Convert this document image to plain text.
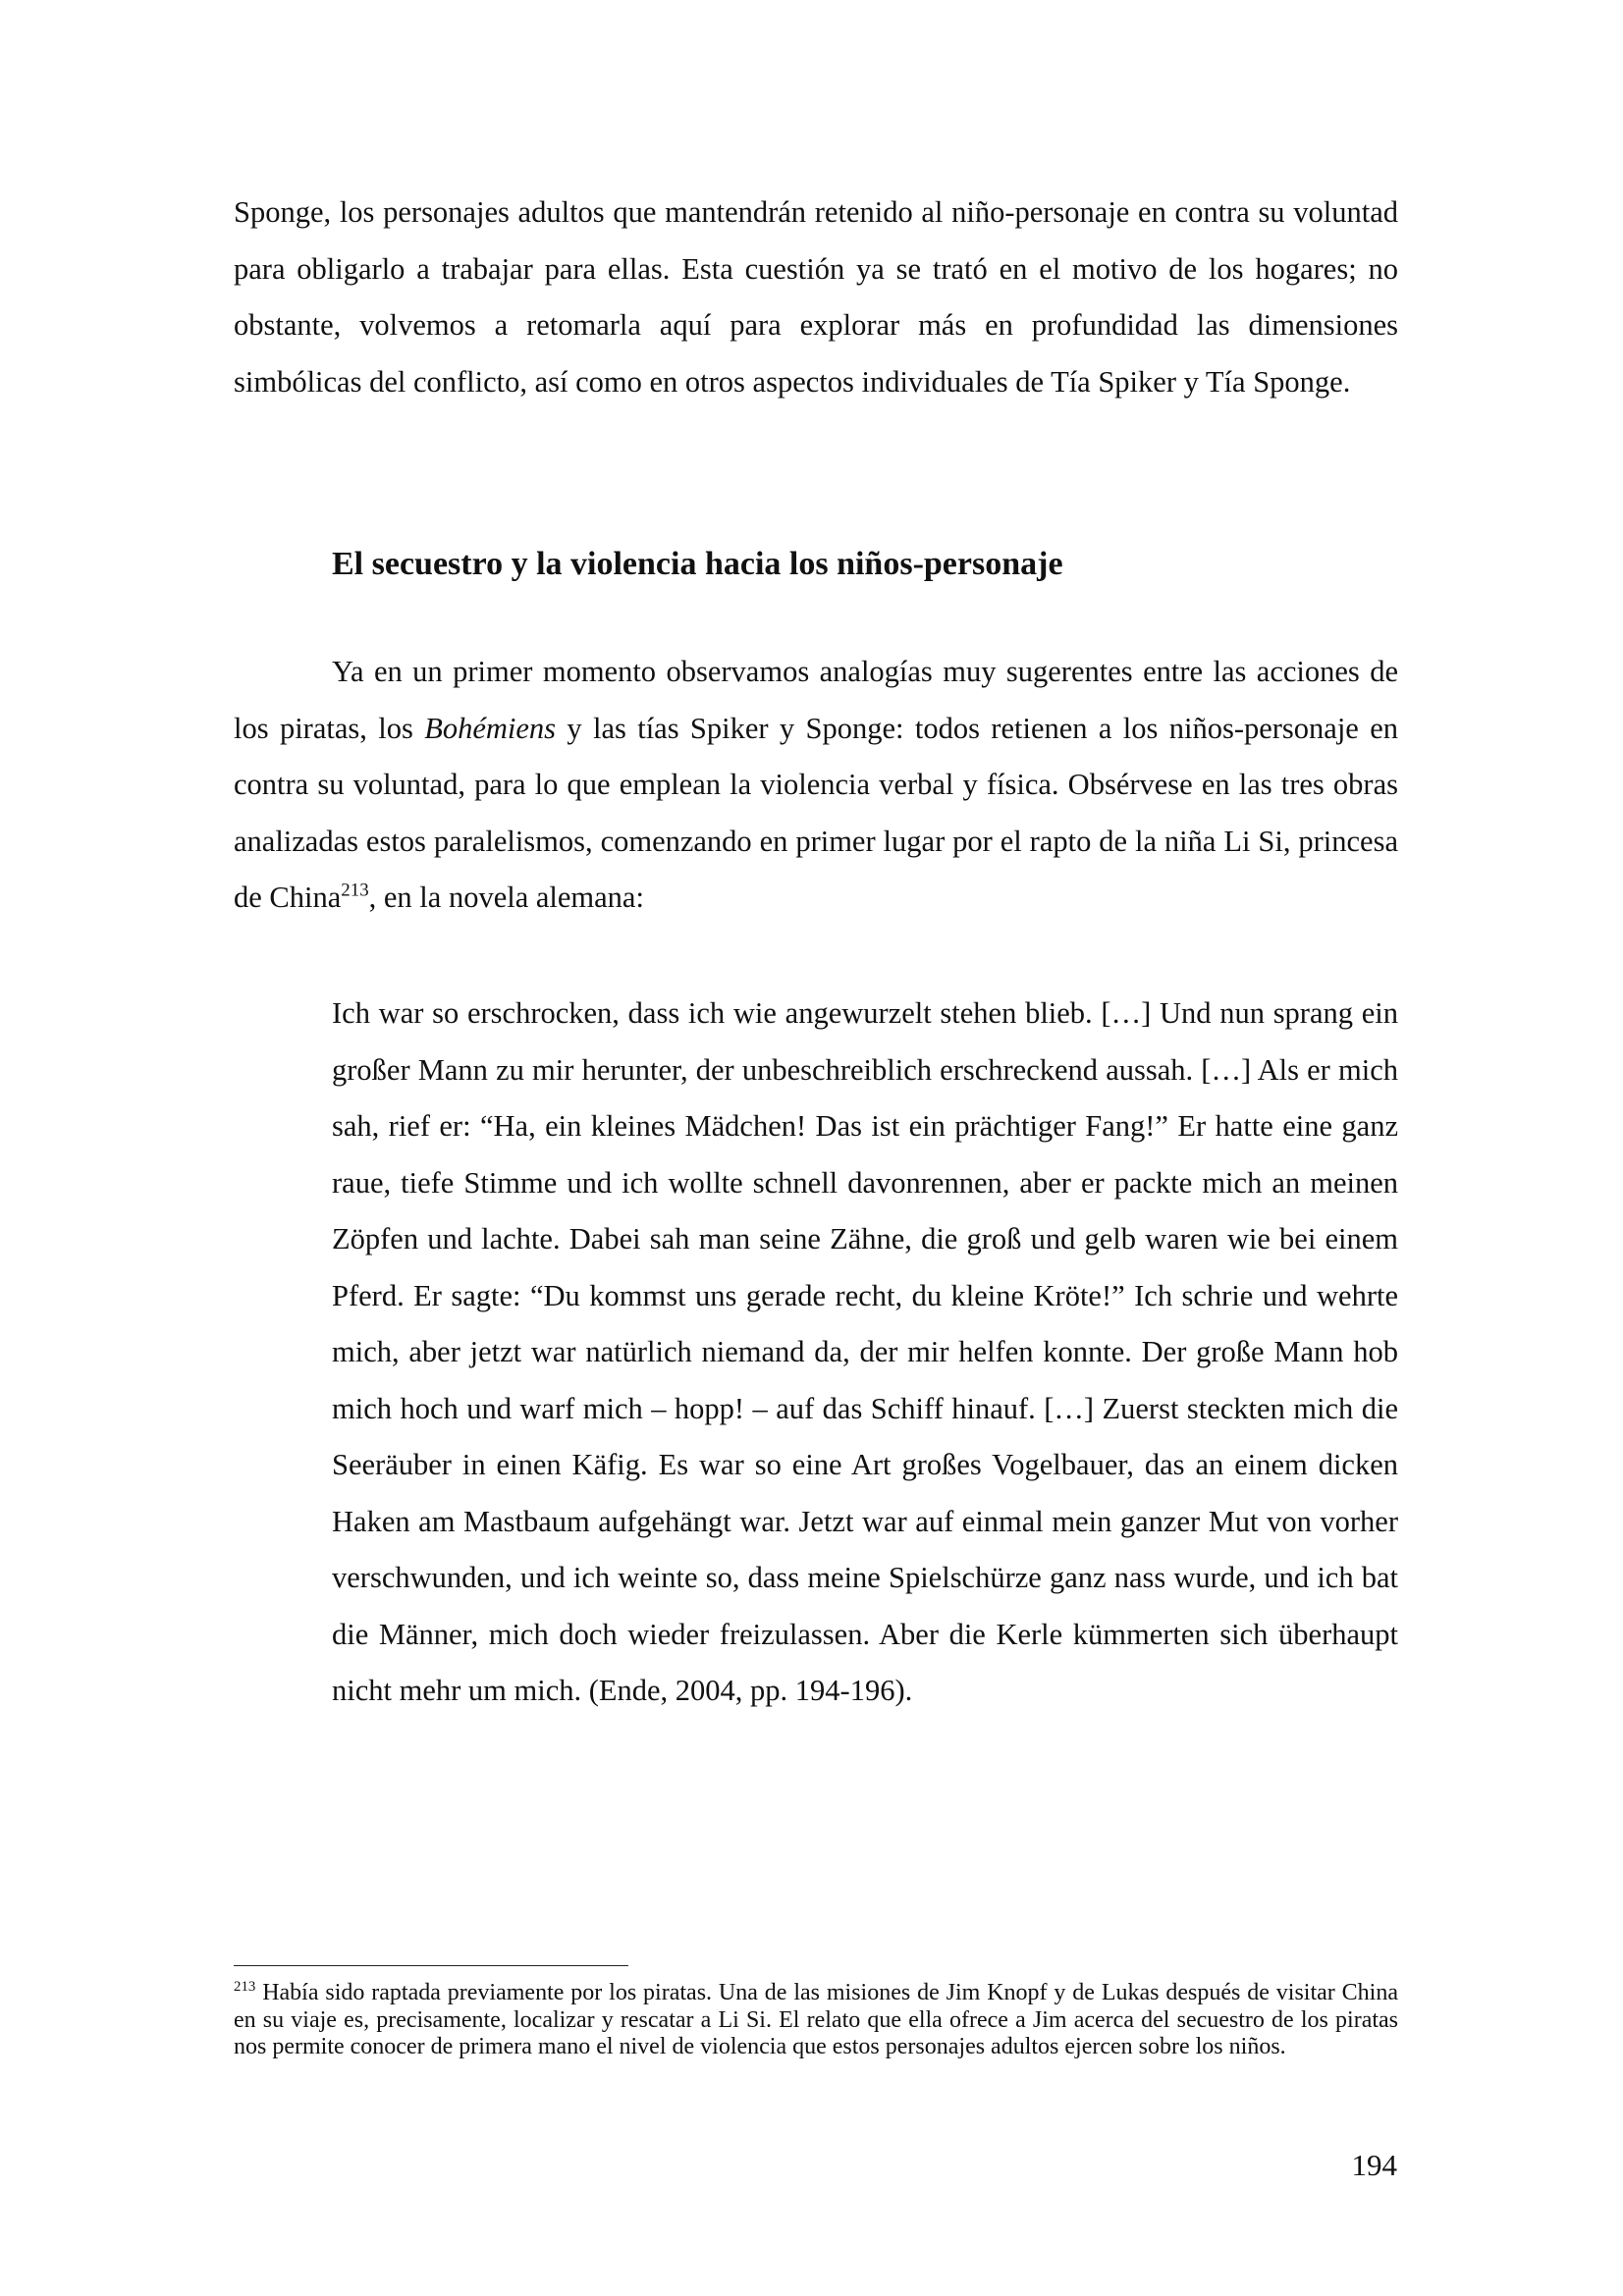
Sponge, los personajes adultos que mantendrán retenido al niño-personaje en contra su voluntad para obligarlo a trabajar para ellas. Esta cuestión ya se trató en el motivo de los hogares; no obstante, volvemos a retomarla aquí para explorar más en profundidad las dimensiones simbólicas del conflicto, así como en otros aspectos individuales de Tía Spiker y Tía Sponge.

El secuestro y la violencia hacia los niños-personaje

Ya en un primer momento observamos analogías muy sugerentes entre las acciones de los piratas, los Bohémiens y las tías Spiker y Sponge: todos retienen a los niños-personaje en contra su voluntad, para lo que emplean la violencia verbal y física. Obsérvese en las tres obras analizadas estos paralelismos, comenzando en primer lugar por el rapto de la niña Li Si, princesa de China$^{213}$, en la novela alemana:

Ich war so erschrocken, dass ich wie angewurzelt stehen blieb. […] Und nun sprang ein großer Mann zu mir herunter, der unbeschreiblich erschreckend aussah. […] Als er mich sah, rief er: “Ha, ein kleines Mädchen! Das ist ein prächtiger Fang!” Er hatte eine ganz raue, tiefe Stimme und ich wollte schnell davonrennen, aber er packte mich an meinen Zöpfen und lachte. Dabei sah man seine Zähne, die groß und gelb waren wie bei einem Pferd. Er sagte: “Du kommst uns gerade recht, du kleine Kröte!” Ich schrie und wehrte mich, aber jetzt war natürlich niemand da, der mir helfen konnte. Der große Mann hob mich hoch und warf mich – hopp! – auf das Schiff hinauf. […] Zuerst steckten mich die Seeräuber in einen Käfig. Es war so eine Art großes Vogelbauer, das an einem dicken Haken am Mastbaum aufgehängt war. Jetzt war auf einmal mein ganzer Mut von vorher verschwunden, und ich weinte so, dass meine Spielschürze ganz nass wurde, und ich bat die Männer, mich doch wieder freizulassen. Aber die Kerle kümmerten sich überhaupt nicht mehr um mich. (Ende, 2004, pp. 194-196).

$^{213}$ Había sido raptada previamente por los piratas. Una de las misiones de Jim Knopf y de Lukas después de visitar China en su viaje es, precisamente, localizar y rescatar a Li Si. El relato que ella ofrece a Jim acerca del secuestro de los piratas nos permite conocer de primera mano el nivel de violencia que estos personajes adultos ejercen sobre los niños.

194
